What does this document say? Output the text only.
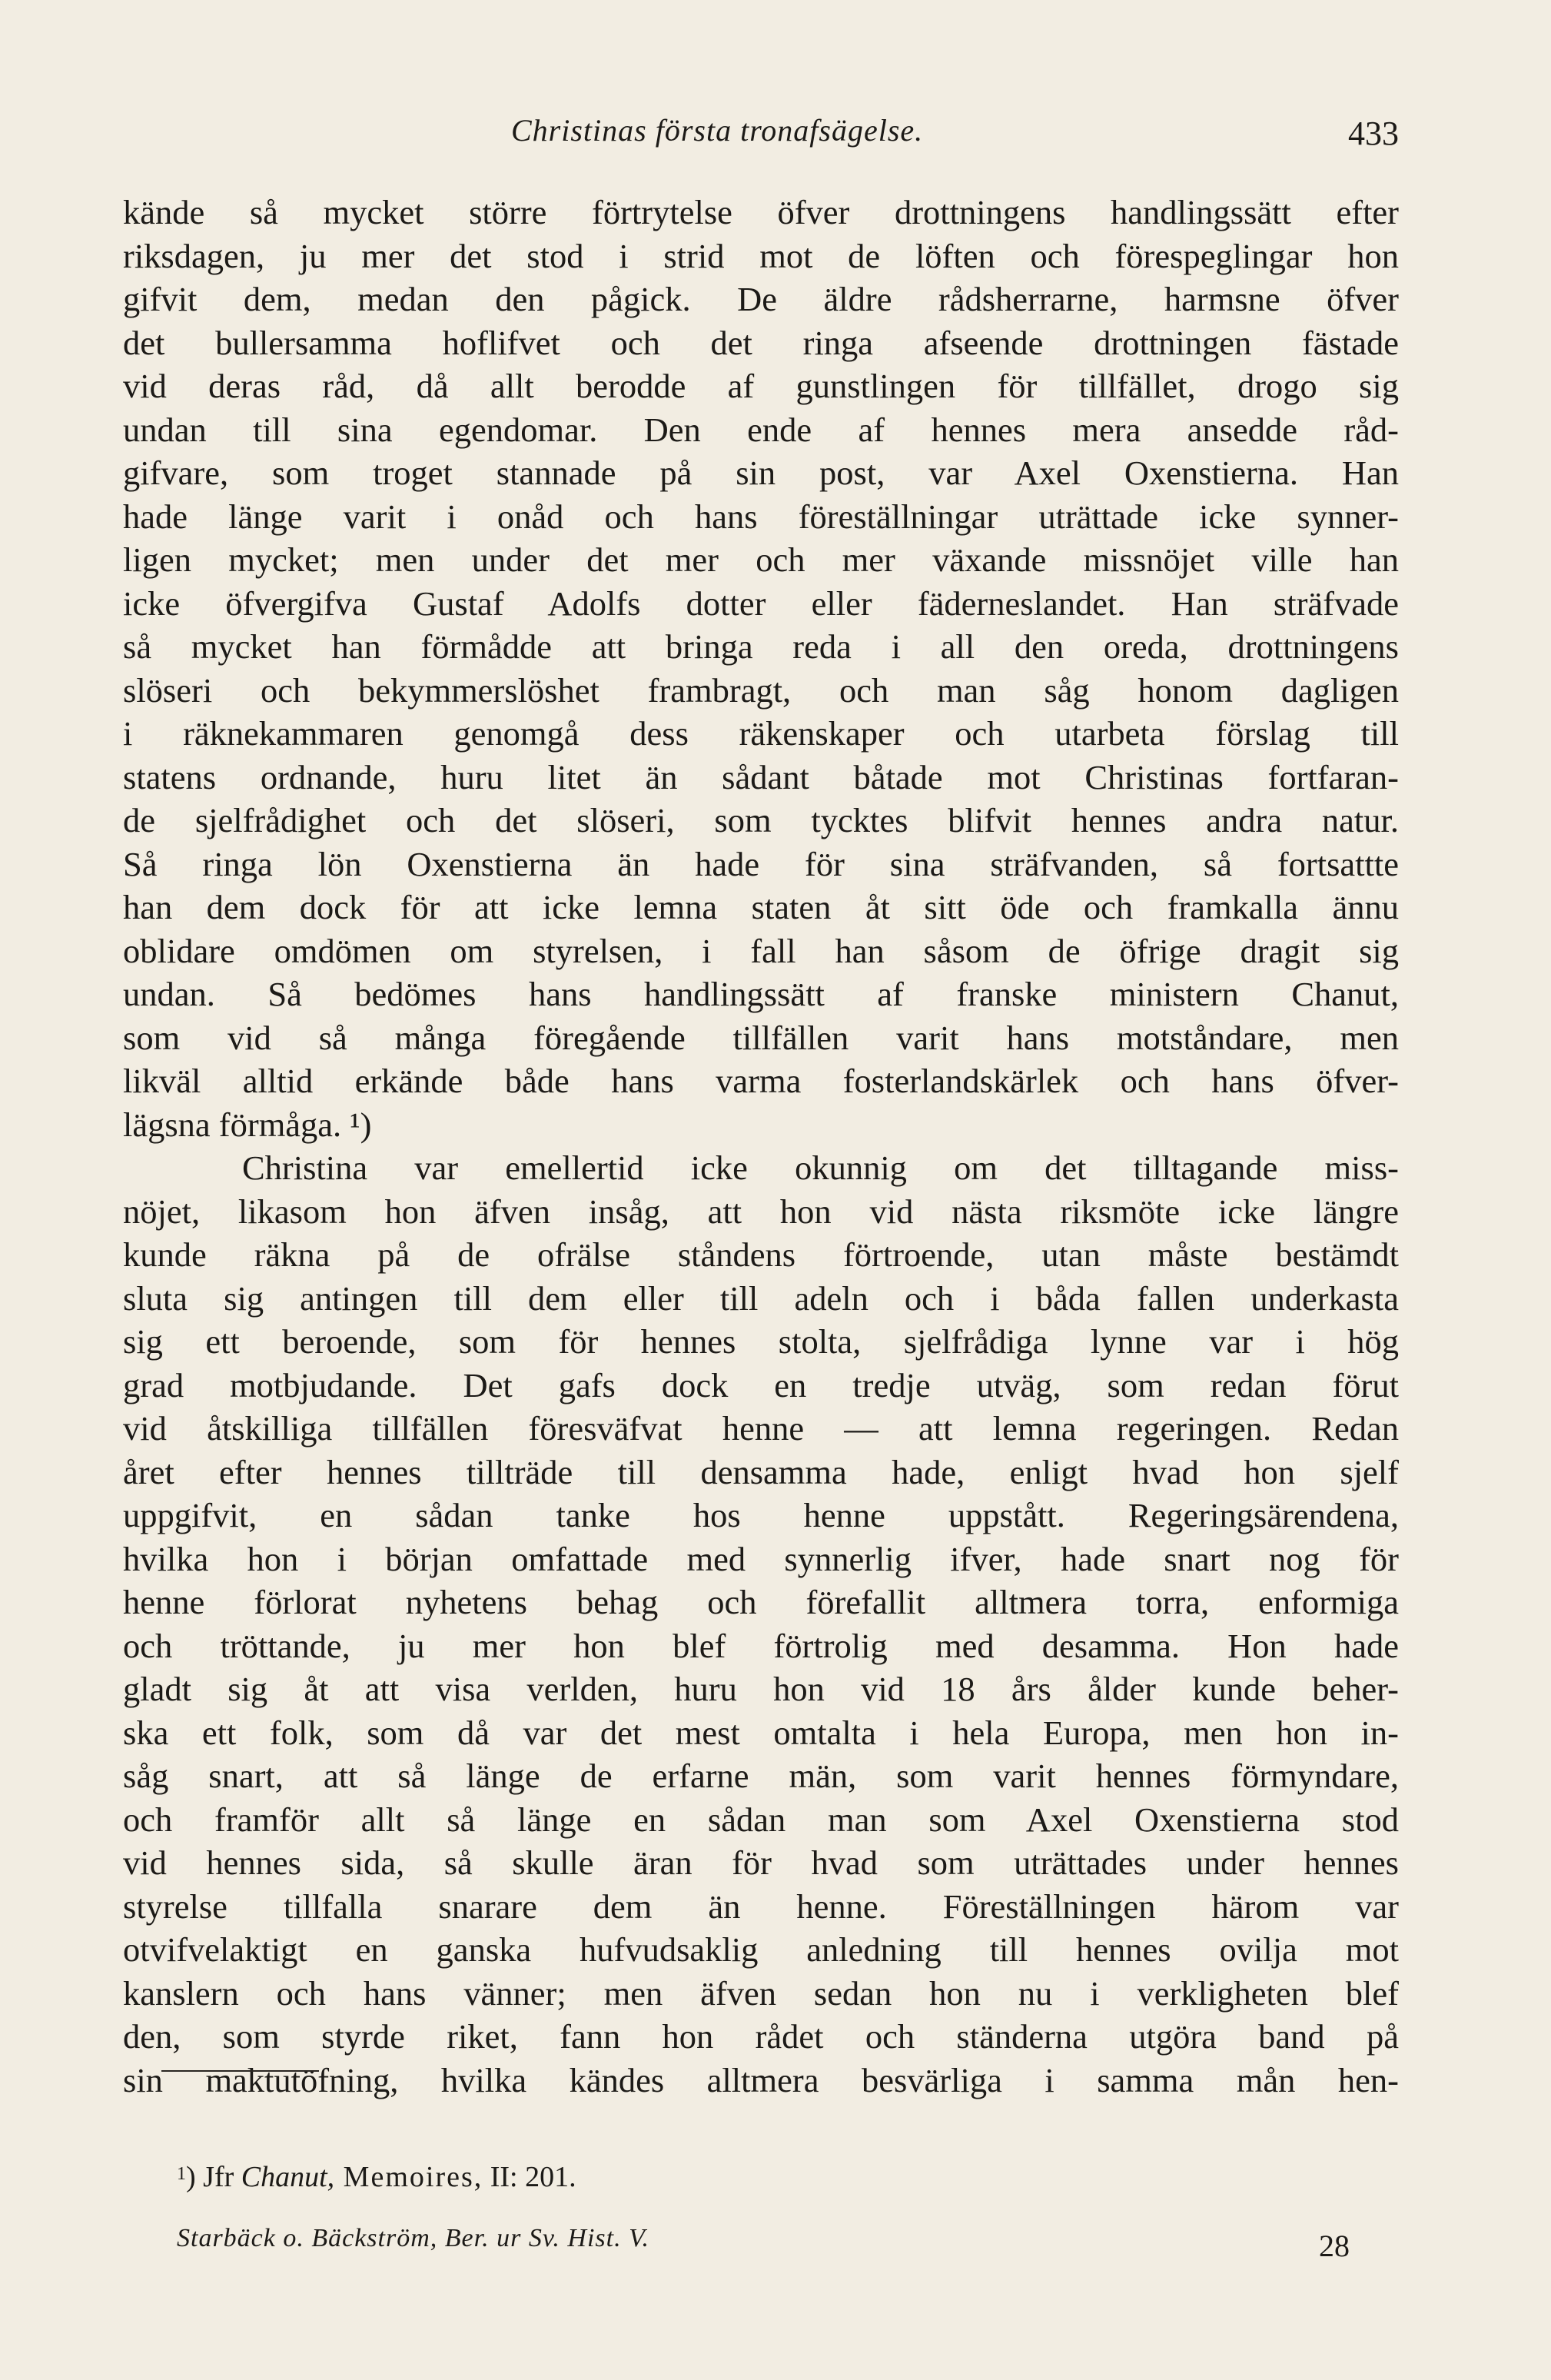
Christinas första tronafsägelse.	433
kände så mycket större förtrytelse öfver drottningens handlingssätt efter
riksdagen, ju mer det stod i strid mot de löften och förespeglingar hon
gifvit dem, medan den pågick. De äldre rådsherrarne, harmsne öfver
det bullersamma hoflifvet och det ringa afseende drottningen fästade
vid deras råd, då allt berodde af gunstlingen för tillfället, drogo sig
undan till sina egendomar. Den ende af hennes mera ansedde råd-
gifvare, som troget stannade på sin post, var Axel Oxenstierna. Han
hade länge varit i onåd och hans föreställningar uträttade icke synner-
ligen mycket; men under det mer och mer växande missnöjet ville han
icke öfvergifva Gustaf Adolfs dotter eller fäderneslandet. Han sträfvade
så mycket han förmådde att bringa reda i all den oreda, drottningens
slöseri och bekymmerslöshet frambragt, och man såg honom dagligen
i räknekammaren genomgå dess räkenskaper och utarbeta förslag till
statens ordnande, huru litet än sådant båtade mot Christinas fortfaran-
de sjelfrådighet och det slöseri, som tycktes blifvit hennes andra natur.
Så ringa lön Oxenstierna än hade för sina sträfvanden, så fortsattte
han dem dock för att icke lemna staten åt sitt öde och framkalla ännu
oblidare omdömen om styrelsen, i fall han såsom de öfrige dragit sig
undan. Så bedömes hans handlingssätt af franske ministern Chanut,
som vid så många föregående tillfällen varit hans motståndare, men
likväl alltid erkände både hans varma fosterlandskärlek och hans öfver-
lägsna förmåga. ¹)
Christina var emellertid icke okunnig om det tilltagande miss-
nöjet, likasom hon äfven insåg, att hon vid nästa riksmöte icke längre
kunde räkna på de ofrälse ståndens förtroende, utan måste bestämdt
sluta sig antingen till dem eller till adeln och i båda fallen underkasta
sig ett beroende, som för hennes stolta, sjelfrådiga lynne var i hög
grad motbjudande. Det gafs dock en tredje utväg, som redan förut
vid åtskilliga tillfällen föresväfvat henne — att lemna regeringen. Redan
året efter hennes tillträde till densamma hade, enligt hvad hon sjelf
uppgifvit, en sådan tanke hos henne uppstått. Regeringsärendena,
hvilka hon i början omfattade med synnerlig ifver, hade snart nog för
henne förlorat nyhetens behag och förefallit alltmera torra, enformiga
och tröttande, ju mer hon blef förtrolig med desamma. Hon hade
gladt sig åt att visa verlden, huru hon vid 18 års ålder kunde beher-
ska ett folk, som då var det mest omtalta i hela Europa, men hon in-
såg snart, att så länge de erfarne män, som varit hennes förmyndare,
och framför allt så länge en sådan man som Axel Oxenstierna stod
vid hennes sida, så skulle äran för hvad som uträttades under hennes
styrelse tillfalla snarare dem än henne. Föreställningen härom var
otvifvelaktigt en ganska hufvudsaklig anledning till hennes ovilja mot
kanslern och hans vänner; men äfven sedan hon nu i verkligheten blef
den, som styrde riket, fann hon rådet och ständerna utgöra band på
sin maktutöfning, hvilka kändes alltmera besvärliga i samma mån hen-
$^1$) Jfr Chanut, Memoires, II: 201.
Starbäck o. Bäckström, Ber. ur Sv. Hist. V.	28
